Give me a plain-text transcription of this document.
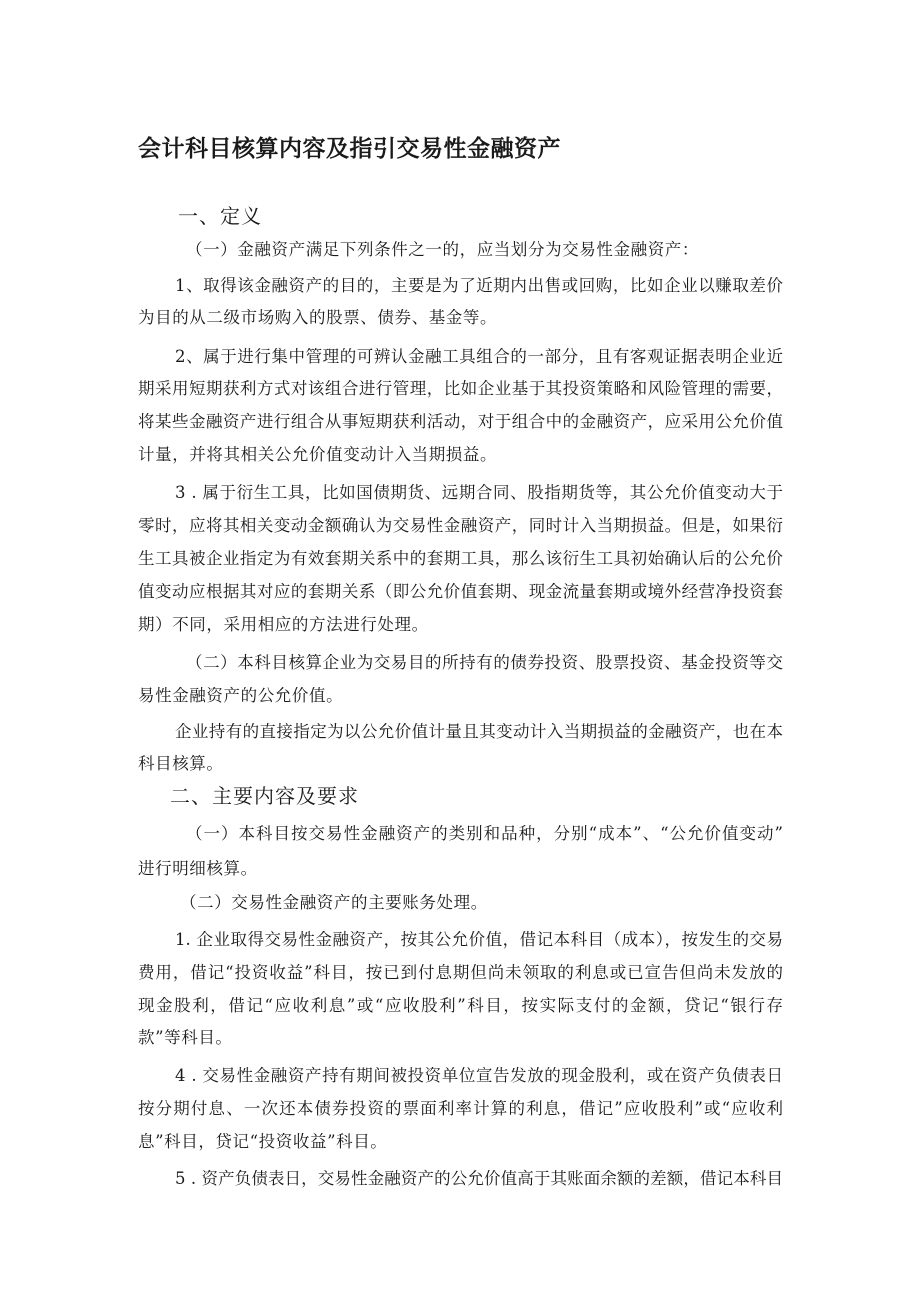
会计科目核算内容及指引交易性金融资产
一、定义
（一）金融资产满足下列条件之一的，应当划分为交易性金融资产：
1、取得该金融资产的目的，主要是为了近期内出售或回购，比如企业以赚取差价
为目的从二级市场购入的股票、债券、基金等。
2、属于进行集中管理的可辨认金融工具组合的一部分，且有客观证据表明企业近
期采用短期获利方式对该组合进行管理，比如企业基于其投资策略和风险管理的需要，
将某些金融资产进行组合从事短期获利活动，对于组合中的金融资产，应采用公允价值
计量，并将其相关公允价值变动计入当期损益。
3 . 属于衍生工具，比如国债期货、远期合同、股指期货等，其公允价值变动大于
零时，应将其相关变动金额确认为交易性金融资产，同时计入当期损益。但是，如果衍
生工具被企业指定为有效套期关系中的套期工具，那么该衍生工具初始确认后的公允价
值变动应根据其对应的套期关系（即公允价值套期、现金流量套期或境外经营净投资套
期）不同，采用相应的方法进行处理。
（二）本科目核算企业为交易目的所持有的债券投资、股票投资、基金投资等交
易性金融资产的公允价值。
企业持有的直接指定为以公允价值计量且其变动计入当期损益的金融资产，也在本
科目核算。
二、主要内容及要求
（一）本科目按交易性金融资产的类别和品种，分别“成本”、“公允价值变动”
进行明细核算。
（二）交易性金融资产的主要账务处理。
1. 企业取得交易性金融资产，按其公允价值，借记本科目（成本），按发生的交易
费用，借记“投资收益”科目，按已到付息期但尚未领取的利息或已宣告但尚未发放的
现金股利，借记“应收利息”或“应收股利”科目，按实际支付的金额，贷记“银行存
款”等科目。
4 . 交易性金融资产持有期间被投资单位宣告发放的现金股利，或在资产负债表日
按分期付息、一次还本债券投资的票面利率计算的利息，借记”应收股利”或“应收利
息”科目，贷记“投资收益”科目。
5 . 资产负债表日，交易性金融资产的公允价值高于其账面余额的差额，借记本科目
